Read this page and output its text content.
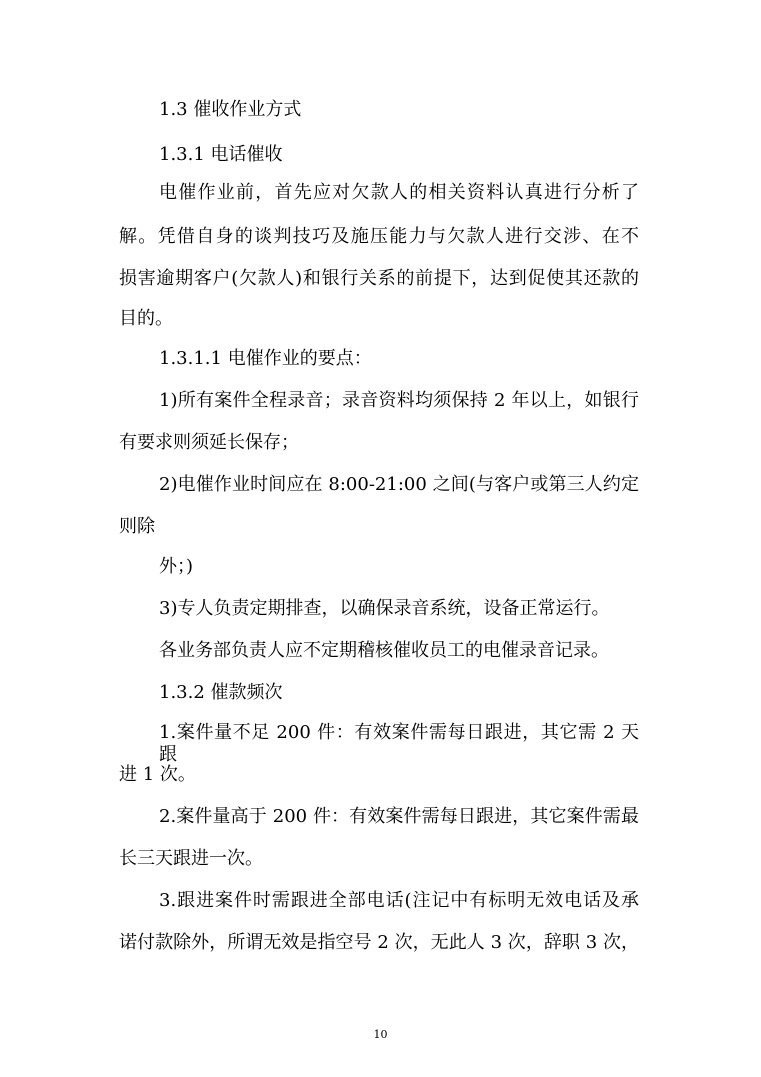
1.3 催收作业方式
1.3.1 电话催收
电催作业前，首先应对欠款人的相关资料认真进行分析了
解。凭借自身的谈判技巧及施压能力与欠款人进行交涉、在不
损害逾期客户(欠款人)和银行关系的前提下，达到促使其还款的
目的。
1.3.1.1 电催作业的要点：
1)所有案件全程录音；录音资料均须保持 2 年以上，如银行
有要求则须延长保存；
2)电催作业时间应在 8:00-21:00 之间(与客户或第三人约定
则除
外；)
3)专人负责定期排查，以确保录音系统，设备正常运行。
各业务部负责人应不定期稽核催收员工的电催录音记录。
1.3.2 催款频次
1.案件量不足 200 件：有效案件需每日跟进，其它需 2 天跟
进 1 次。
2.案件量高于 200 件：有效案件需每日跟进，其它案件需最
长三天跟进一次。
3.跟进案件时需跟进全部电话(注记中有标明无效电话及承
诺付款除外，所谓无效是指空号 2 次，无此人 3 次，辞职 3 次，
10
